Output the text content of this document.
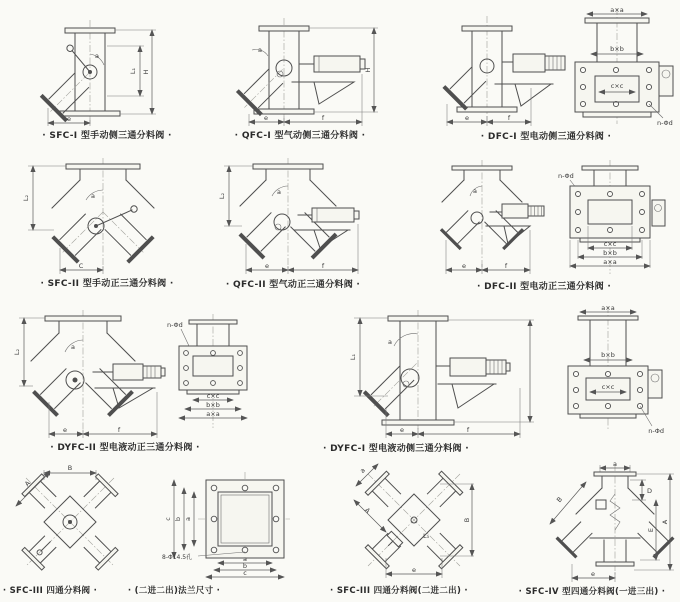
a
L₁ H
e
a
H
e	f	e	f
a×a
b×b
c×c
n-Φd
a
L₂
C
a
L₂
e	f
a
e	f
n-Φd
c×c
b×b
a×a
a
L₂
e	f
n-Φd
c×c
b×b
a×a
a
L₁
e	f
a×a
b×b
c×c
n-Φd
B
A
a
b
c
a
b
c
8-Φ14.5孔
a
A
B
e
L₃
a
B
D
E
A
e
· SFC-I 型手动侧三通分料阀 ·	· QFC-I 型气动侧三通分料阀 ·	· DFC-I 型电动侧三通分料阀 ·
· SFC-II 型手动正三通分料阀 ·	· QFC-II 型气动正三通分料阀 ·	· DFC-II 型电动正三通分料阀 ·
· DYFC-II 型电液动正三通分料阀 ·	· DYFC-I 型电液动侧三通分料阀 ·
· SFC-III 四通分料阀 ·	· (二进二出)法兰尺寸 ·	· SFC-III 四通分料阀(二进二出) ·	· SFC-IV 型四通分料阀(一进三出) ·
